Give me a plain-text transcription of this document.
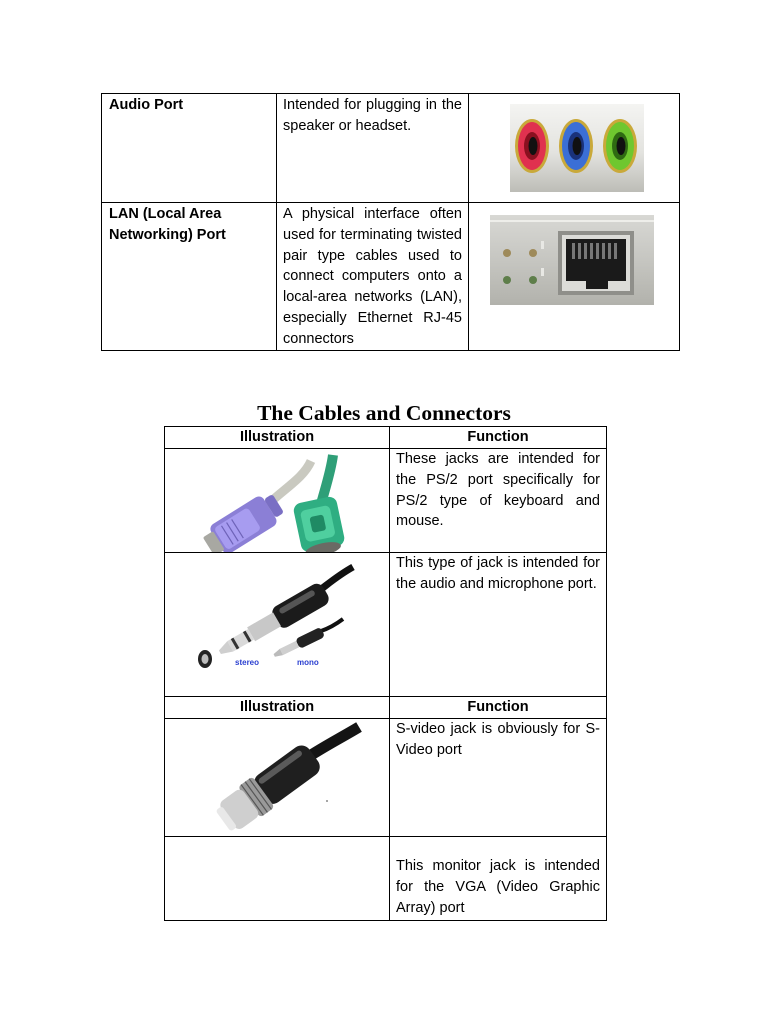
Audio Port	Intended for plugging in the speaker or headset.	

LAN (Local Area
Networking) Port	A physical interface often used for terminating twisted pair type cables used to connect computers onto a local-area networks (LAN), especially Ethernet RJ-45 connectors	
The Cables and Connectors
Illustration	Function

	These jacks are intended for the PS/2 port specifically for PS/2 type of keyboard and mouse.

stereo mono	This type of jack is intended for the audio and microphone port.
Illustration	Function

	S-video jack is obviously for S-Video port
	This monitor jack is intended for the VGA (Video Graphic Array) port
